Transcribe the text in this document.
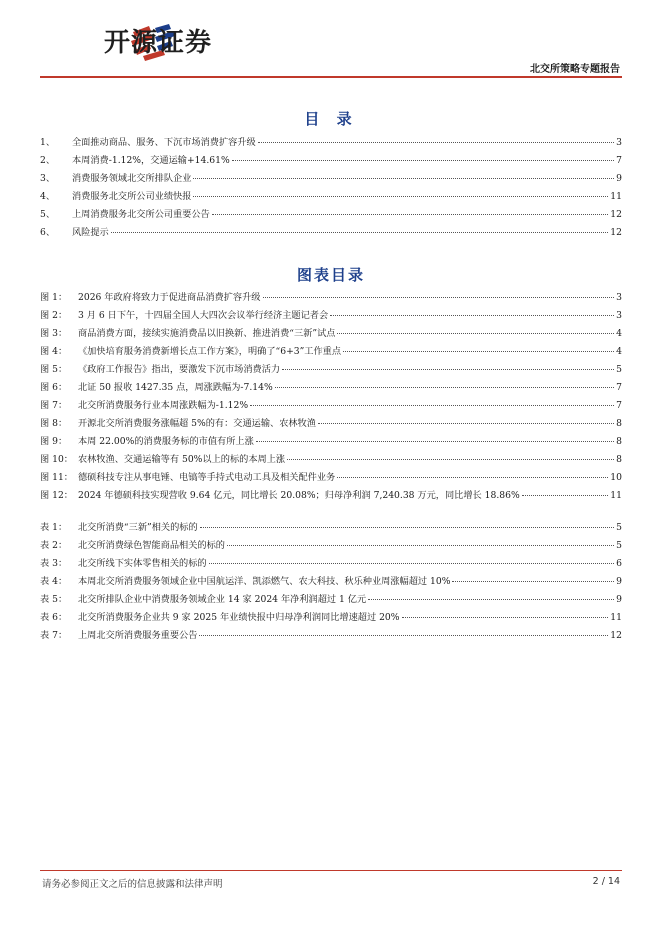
开源证券
北交所策略专题报告
目 录
1、	全面推动商品、服务、下沉市场消费扩容升级	3
2、	本周消费-1.12%，交通运输+14.61%	7
3、	消费服务领域北交所排队企业	9
4、	消费服务北交所公司业绩快报	11
5、	上周消费服务北交所公司重要公告	12
6、	风险提示	12
图表目录
图 1：	2026 年政府将致力于促进商品消费扩容升级	3
图 2：	3 月 6 日下午，十四届全国人大四次会议举行经济主题记者会	3
图 3：	商品消费方面，接续实施消费品以旧换新、推进消费“三新”试点	4
图 4：	《加快培育服务消费新增长点工作方案》，明确了“6+3”工作重点	4
图 5：	《政府工作报告》指出，要激发下沉市场消费活力	5
图 6：	北证 50 报收 1427.35 点，周涨跌幅为-7.14%	7
图 7：	北交所消费服务行业本周涨跌幅为-1.12%	7
图 8：	开源北交所消费服务涨幅超 5%的有：交通运输、农林牧渔	8
图 9：	本周 22.00%的消费服务标的市值有所上涨	8
图 10： 农林牧渔、交通运输等有 50%以上的标的本周上涨	8
图 11： 德硕科技专注从事电锤、电镐等手持式电动工具及相关配件业务	10
图 12： 2024 年德硕科技实现营收 9.64 亿元，同比增长 20.08%；归母净利润 7,240.38 万元，同比增长 18.86%	11
表 1：	北交所消费“三新”相关的标的	5
表 2：	北交所消费绿色智能商品相关的标的	5
表 3：	北交所线下实体零售相关的标的	6
表 4：	本周北交所消费服务领域企业中国航运洋、凯添燃气、农大科技、秋乐种业周涨幅超过 10%	9
表 5：	北交所排队企业中消费服务领域企业 14 家 2024 年净利润超过 1 亿元	9
表 6：	北交所消费服务企业共 9 家 2025 年业绩快报中归母净利润同比增速超过 20%	11
表 7：	上周北交所消费服务重要公告	12
请务必参阅正文之后的信息披露和法律声明	2 / 14
